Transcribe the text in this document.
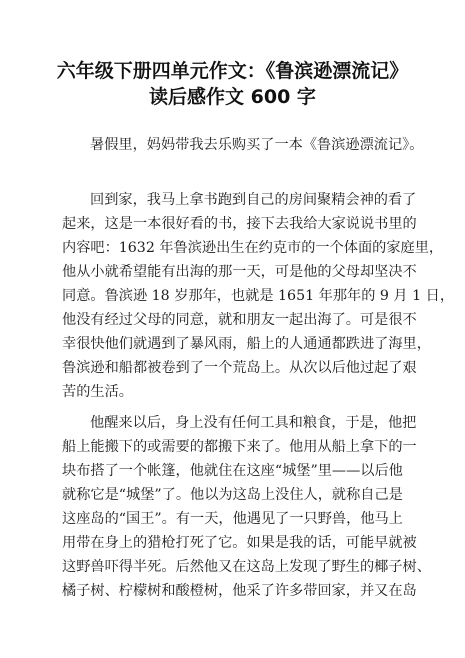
六年级下册四单元作文：《鲁滨逊漂流记》
读后感作文 600 字

暑假里，妈妈带我去乐购买了一本《鲁滨逊漂流记》。

回到家，我马上拿书跑到自己的房间聚精会神的看了

起来，这是一本很好看的书，接下去我给大家说说书里的

内容吧：1632 年鲁滨逊出生在约克市的一个体面的家庭里，

他从小就希望能有出海的那一天，可是他的父母却坚决不

同意。鲁滨逊 18 岁那年，也就是 1651 年那年的 9 月 1 日，

他没有经过父母的同意，就和朋友一起出海了。可是很不

幸很快他们就遇到了暴风雨，船上的人通通都跌进了海里，

鲁滨逊和船都被卷到了一个荒岛上。从次以后他过起了艰

苦的生活。

他醒来以后，身上没有任何工具和粮食，于是，他把

船上能搬下的或需要的都搬下来了。他用从船上拿下的一

块布搭了一个帐篷，他就住在这座“城堡”里——以后他

就称它是“城堡”了。他以为这岛上没住人，就称自己是

这座岛的“国王”。有一天，他遇见了一只野兽，他马上

用带在身上的猎枪打死了它。如果是我的话，可能早就被

这野兽吓得半死。后然他又在这岛上发现了野生的椰子树、

橘子树、柠檬树和酸橙树，他采了许多带回家，并又在岛
